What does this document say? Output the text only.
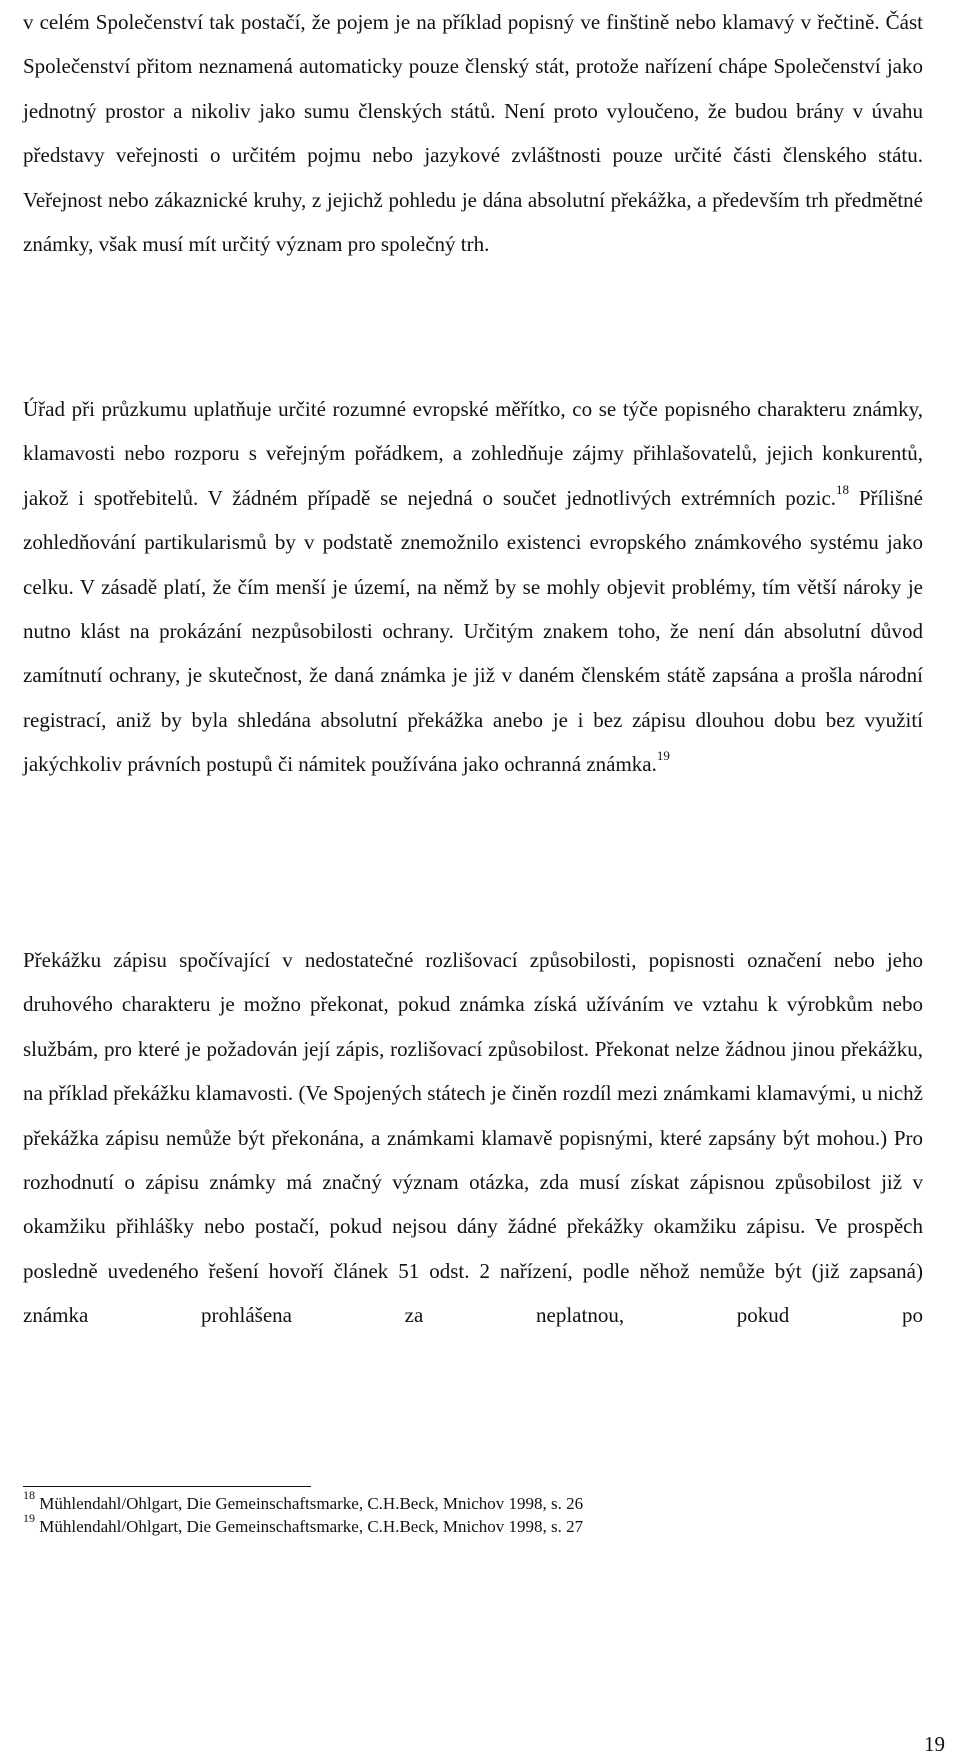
v celém Společenství tak postačí, že pojem je na příklad popisný ve finštině nebo klamavý v řečtině. Část Společenství přitom neznamená automaticky pouze členský stát, protože nařízení chápe Společenství jako jednotný prostor a nikoliv jako sumu členských států. Není proto vyloučeno, že budou brány v úvahu představy veřejnosti o určitém pojmu nebo jazykové zvláštnosti pouze určité části členského státu. Veřejnost nebo zákaznické kruhy, z jejichž pohledu je dána absolutní překážka, a především trh předmětné známky, však musí mít určitý význam pro společný trh.

Úřad při průzkumu uplatňuje určité rozumné evropské měřítko, co se týče popisného charakteru známky, klamavosti nebo rozporu s veřejným pořádkem, a zohledňuje zájmy přihlašovatelů, jejich konkurentů, jakož i spotřebitelů. V žádném případě se nejedná o součet jednotlivých extrémních pozic.$^{18}$ Přílišné zohledňování partikularismů by v podstatě znemožnilo existenci evropského známkového systému jako celku. V zásadě platí, že čím menší je území, na němž by se mohly objevit problémy, tím větší nároky je nutno klást na prokázání nezpůsobilosti ochrany. Určitým znakem toho, že není dán absolutní důvod zamítnutí ochrany, je skutečnost, že daná známka je již v daném členském státě zapsána a prošla národní registrací, aniž by byla shledána absolutní překážka anebo je i bez zápisu dlouhou dobu bez využití jakýchkoliv právních postupů či námitek používána jako ochranná známka.$^{19}$

Překážku zápisu spočívající v nedostatečné rozlišovací způsobilosti, popisnosti označení nebo jeho druhového charakteru je možno překonat, pokud známka získá užíváním ve vztahu k výrobkům nebo službám, pro které je požadován její zápis, rozlišovací způsobilost. Překonat nelze žádnou jinou překážku, na příklad překážku klamavosti. (Ve Spojených státech je činěn rozdíl mezi známkami klamavými, u nichž překážka zápisu nemůže být překonána, a známkami klamavě popisnými, které zapsány být mohou.) Pro rozhodnutí o zápisu známky má značný význam otázka, zda musí získat zápisnou způsobilost již v okamžiku přihlášky nebo postačí, pokud nejsou dány žádné překážky okamžiku zápisu. Ve prospěch posledně uvedeného řešení hovoří článek 51 odst. 2 nařízení, podle něhož nemůže být (již zapsaná) známka prohlášena za neplatnou, pokud po

$^{18}$ Mühlendahl/Ohlgart, Die Gemeinschaftsmarke, C.H.Beck, Mnichov 1998, s. 26
$^{19}$ Mühlendahl/Ohlgart, Die Gemeinschaftsmarke, C.H.Beck, Mnichov 1998, s. 27
19
